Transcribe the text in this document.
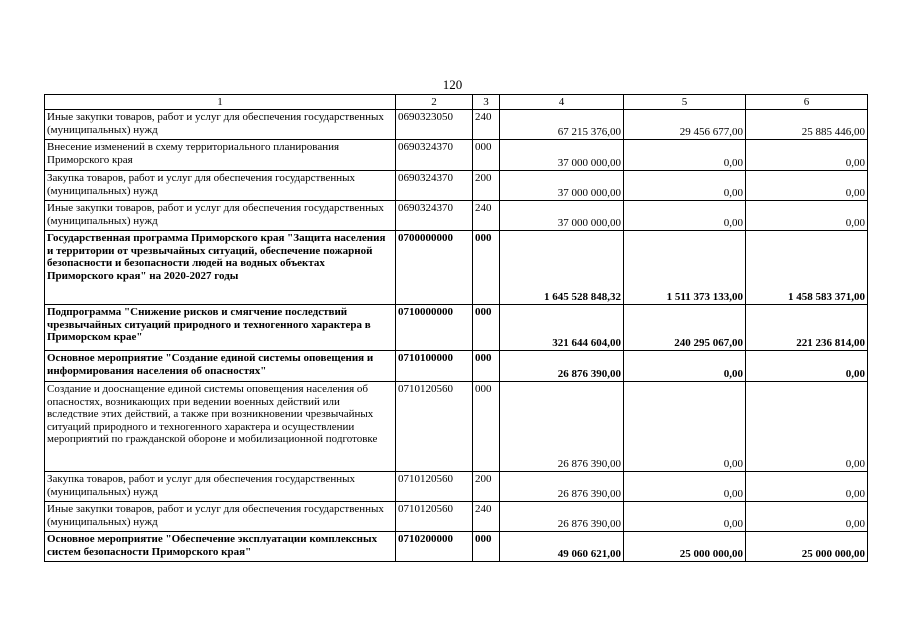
120
1	2	3	4	5	6
Иные закупки товаров, работ и услуг для обеспечения государственных (муниципальных) нужд	0690323050	240	67 215 376,00	29 456 677,00	25 885 446,00
Внесение изменений в схему территориального планирования Приморского края	0690324370	000	37 000 000,00	0,00	0,00
Закупка товаров, работ и услуг для обеспечения государственных (муниципальных) нужд	0690324370	200	37 000 000,00	0,00	0,00
Иные закупки товаров, работ и услуг для обеспечения государственных (муниципальных) нужд	0690324370	240	37 000 000,00	0,00	0,00
Государственная программа Приморского края "Защита населения и территории от чрезвычайных ситуаций, обеспечение пожарной безопасности и безопасности людей на водных объектах Приморского края" на 2020-2027 годы	0700000000	000	1 645 528 848,32	1 511 373 133,00	1 458 583 371,00
Подпрограмма "Снижение рисков и смягчение последствий чрезвычайных ситуаций природного и техногенного характера в Приморском крае"	0710000000	000	321 644 604,00	240 295 067,00	221 236 814,00
Основное мероприятие "Создание единой системы оповещения и информирования населения об опасностях"	0710100000	000	26 876 390,00	0,00	0,00
Создание и дооснащение единой системы оповещения населения об опасностях, возникающих при ведении военных действий или вследствие этих действий, а также при возникновении чрезвычайных ситуаций природного и техногенного характера и осуществлении мероприятий по гражданской обороне и мобилизационной подготовке	0710120560	000	26 876 390,00	0,00	0,00
Закупка товаров, работ и услуг для обеспечения государственных (муниципальных) нужд	0710120560	200	26 876 390,00	0,00	0,00
Иные закупки товаров, работ и услуг для обеспечения государственных (муниципальных) нужд	0710120560	240	26 876 390,00	0,00	0,00
Основное мероприятие "Обеспечение эксплуатации комплексных систем безопасности Приморского края"	0710200000	000	49 060 621,00	25 000 000,00	25 000 000,00
